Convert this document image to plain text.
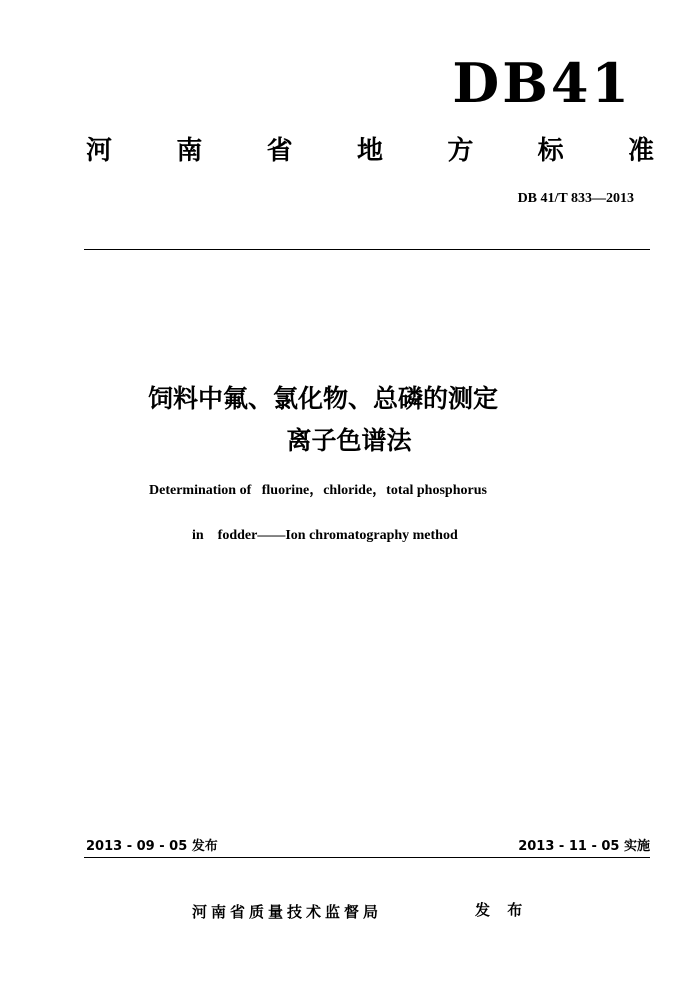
DB41
河 南 省 地 方 标 准
DB 41/T 833—2013
饲料中氟、氯化物、总磷的测定
离子色谱法
Determination of   fluorine，chloride，total phosphorus
in    fodder——Ion chromatography method
2013 - 09 - 05 发布	2013 - 11 - 05 实施
河南省质量技术监督局	发 布
